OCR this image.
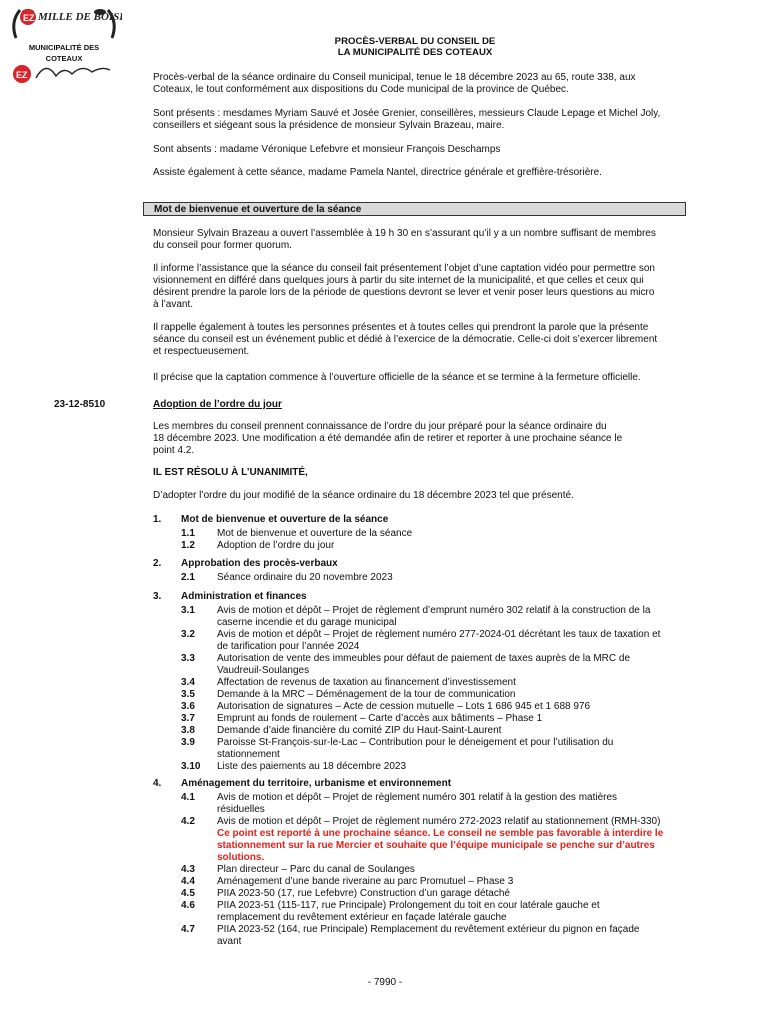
EZ MILLE DE BOISIE
EZ
MUNICIPALITÉ DES
COTEAUX
PROCÈS-VERBAL DU CONSEIL DE
LA MUNICIPALITÉ DES COTEAUX
Procès-verbal de la séance ordinaire du Conseil municipal, tenue le 18 décembre 2023 au 65, route 338, aux
Coteaux, le tout conformément aux dispositions du Code municipal de la province de Québec.
Sont présents : mesdames Myriam Sauvé et Josée Grenier, conseillères, messieurs Claude Lepage et Michel Joly,
conseillers et siégeant sous la présidence de monsieur Sylvain Brazeau, maire.
Sont absents : madame Véronique Lefebvre et monsieur François Deschamps
Assiste également à cette séance, madame Pamela Nantel, directrice générale et greffière-trésorière.
Mot de bienvenue et ouverture de la séance
Monsieur Sylvain Brazeau a ouvert l’assemblée à 19 h 30 en s’assurant qu’il y a un nombre suffisant de membres
du conseil pour former quorum.
Il informe l’assistance que la séance du conseil fait présentement l’objet d’une captation vidéo pour permettre son
visionnement en différé dans quelques jours à partir du site internet de la municipalité, et que celles et ceux qui
désirent prendre la parole lors de la période de questions devront se lever et venir poser leurs questions au micro
à l’avant.
Il rappelle également à toutes les personnes présentes et à toutes celles qui prendront la parole que la présente
séance du conseil est un événement public et dédié à l’exercice de la démocratie. Celle-ci doit s’exercer librement
et respectueusement.
Il précise que la captation commence à l’ouverture officielle de la séance et se termine à la fermeture officielle.
23-12-8510	Adoption de l’ordre du jour
Les membres du conseil prennent connaissance de l’ordre du jour préparé pour la séance ordinaire du
18 décembre 2023. Une modification a été demandée afin de retirer et reporter à une prochaine séance le
point 4.2.
IL EST RÉSOLU À L’UNANIMITÉ,
D’adopter l’ordre du jour modifié de la séance ordinaire du 18 décembre 2023 tel que présenté.
1. Mot de bienvenue et ouverture de la séance
1.1 Mot de bienvenue et ouverture de la séance
1.2 Adoption de l’ordre du jour
2. Approbation des procès-verbaux
2.1 Séance ordinaire du 20 novembre 2023
3. Administration et finances
3.1 Avis de motion et dépôt – Projet de règlement d’emprunt numéro 302 relatif à la construction de la
caserne incendie et du garage municipal
3.2 Avis de motion et dépôt – Projet de règlement numéro 277-2024-01 décrétant les taux de taxation et
de tarification pour l’année 2024
3.3 Autorisation de vente des immeubles pour défaut de paiement de taxes auprès de la MRC de
Vaudreuil-Soulanges
3.4 Affectation de revenus de taxation au financement d’investissement
3.5 Demande à la MRC – Déménagement de la tour de communication
3.6 Autorisation de signatures – Acte de cession mutuelle – Lots 1 686 945 et 1 688 976
3.7 Emprunt au fonds de roulement – Carte d’accès aux bâtiments – Phase 1
3.8 Demande d’aide financière du comité ZIP du Haut-Saint-Laurent
3.9 Paroisse St-François-sur-le-Lac – Contribution pour le déneigement et pour l’utilisation du
stationnement
3.10 Liste des paiements au 18 décembre 2023
4. Aménagement du territoire, urbanisme et environnement
4.1 Avis de motion et dépôt – Projet de règlement numéro 301 relatif à la gestion des matières
résiduelles
4.2 Avis de motion et dépôt – Projet de règlement numéro 272-2023 relatif au stationnement (RMH-330)
Ce point est reporté à une prochaine séance. Le conseil ne semble pas favorable à interdire le
stationnement sur la rue Mercier et souhaite que l’équipe municipale se penche sur d’autres
solutions.
4.3 Plan directeur – Parc du canal de Soulanges
4.4 Aménagement d’une bande riveraine au parc Promutuel – Phase 3
4.5 PIIA 2023-50 (17, rue Lefebvre) Construction d’un garage détaché
4.6 PIIA 2023-51 (115-117, rue Principale) Prolongement du toit en cour latérale gauche et
remplacement du revêtement extérieur en façade latérale gauche
4.7 PIIA 2023-52 (164, rue Principale) Remplacement du revêtement extérieur du pignon en façade
avant
- 7990 -
